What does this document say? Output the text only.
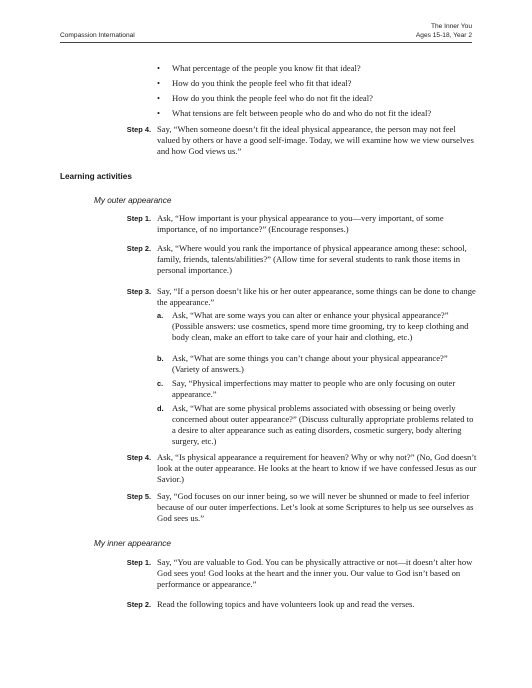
Compassion International
The Inner You
Ages 15-18, Year 2
• What percentage of the people you know fit that ideal?
• How do you think the people feel who fit that ideal?
• How do you think the people feel who do not fit the ideal?
• What tensions are felt between people who do and who do not fit the ideal?
Step 4. Say, “When someone doesn’t fit the ideal physical appearance, the person may not feel valued by others or have a good self-image. Today, we will examine how we view ourselves and how God views us.”
Learning activities
My outer appearance
Step 1. Ask, “How important is your physical appearance to you—very important, of some importance, of no importance?” (Encourage responses.)
Step 2. Ask, “Where would you rank the importance of physical appearance among these: school, family, friends, talents/abilities?” (Allow time for several students to rank those items in personal importance.)
Step 3. Say, “If a person doesn’t like his or her outer appearance, some things can be done to change the appearance.”
a. Ask, “What are some ways you can alter or enhance your physical appearance?” (Possible answers: use cosmetics, spend more time grooming, try to keep clothing and body clean, make an effort to take care of your hair and clothing, etc.)
b. Ask, “What are some things you can’t change about your physical appearance?” (Variety of answers.)
c. Say, “Physical imperfections may matter to people who are only focusing on outer appearance.”
d. Ask, “What are some physical problems associated with obsessing or being overly concerned about outer appearance?” (Discuss culturally appropriate problems related to a desire to alter appearance such as eating disorders, cosmetic surgery, body altering surgery, etc.)
Step 4. Ask, “Is physical appearance a requirement for heaven? Why or why not?” (No, God doesn’t look at the outer appearance. He looks at the heart to know if we have confessed Jesus as our Savior.)
Step 5. Say, “God focuses on our inner being, so we will never be shunned or made to feel inferior because of our outer imperfections. Let’s look at some Scriptures to help us see ourselves as God sees us.”
My inner appearance
Step 1. Say, “You are valuable to God. You can be physically attractive or not—it doesn’t alter how God sees you! God looks at the heart and the inner you. Our value to God isn’t based on performance or appearance.”
Step 2. Read the following topics and have volunteers look up and read the verses.
